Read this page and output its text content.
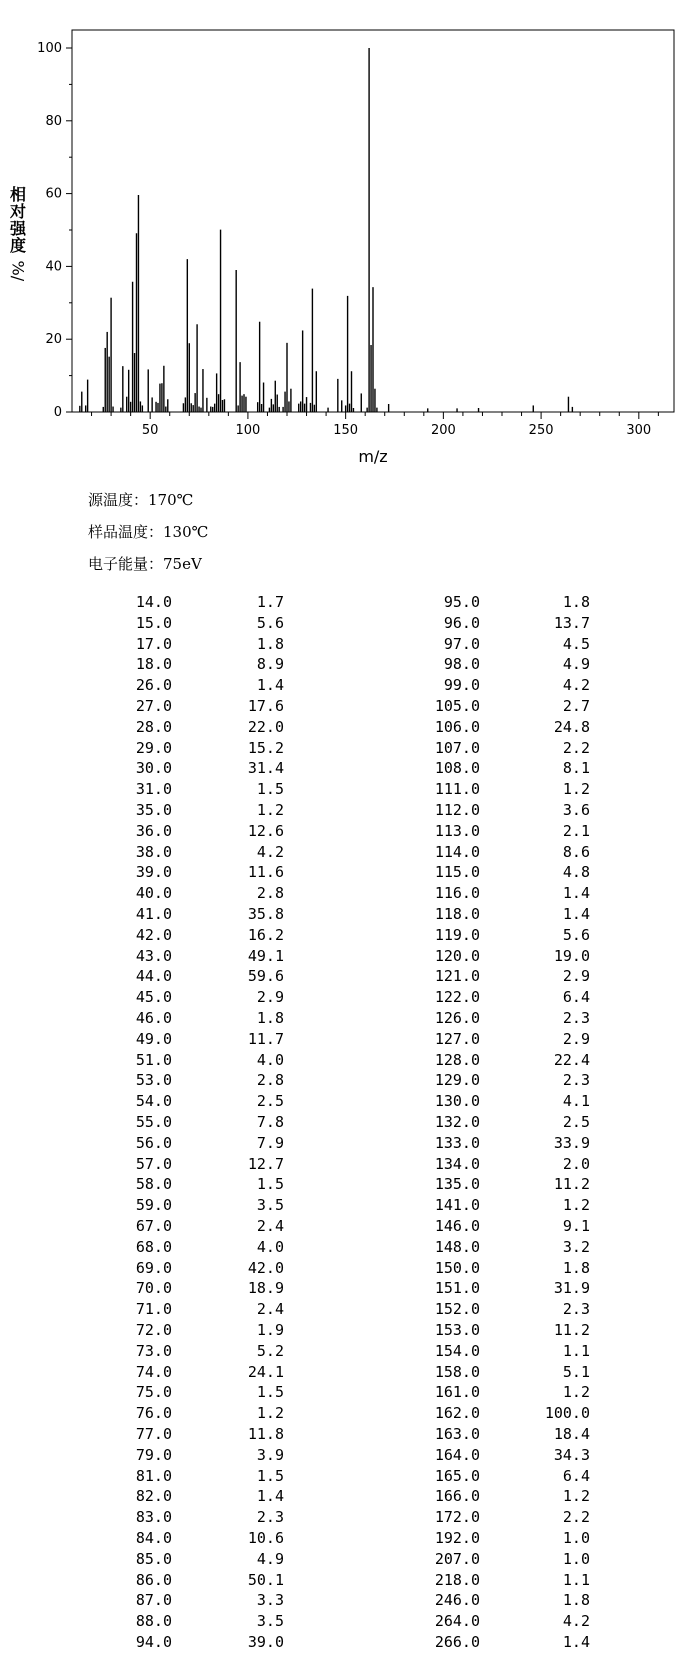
0
20
40
60
80
100
50	100	150	200	250	300
m/z
相对强度
%/
源温度：170℃
样品温度：130℃
电子能量：75eV
14.0	1.7	95.0	1.8
15.0	5.6	96.0	13.7
17.0	1.8	97.0	4.5
18.0	8.9	98.0	4.9
26.0	1.4	99.0	4.2
27.0	17.6	105.0	2.7
28.0	22.0	106.0	24.8
29.0	15.2	107.0	2.2
30.0	31.4	108.0	8.1
31.0	1.5	111.0	1.2
35.0	1.2	112.0	3.6
36.0	12.6	113.0	2.1
38.0	4.2	114.0	8.6
39.0	11.6	115.0	4.8
40.0	2.8	116.0	1.4
41.0	35.8	118.0	1.4
42.0	16.2	119.0	5.6
43.0	49.1	120.0	19.0
44.0	59.6	121.0	2.9
45.0	2.9	122.0	6.4
46.0	1.8	126.0	2.3
49.0	11.7	127.0	2.9
51.0	4.0	128.0	22.4
53.0	2.8	129.0	2.3
54.0	2.5	130.0	4.1
55.0	7.8	132.0	2.5
56.0	7.9	133.0	33.9
57.0	12.7	134.0	2.0
58.0	1.5	135.0	11.2
59.0	3.5	141.0	1.2
67.0	2.4	146.0	9.1
68.0	4.0	148.0	3.2
69.0	42.0	150.0	1.8
70.0	18.9	151.0	31.9
71.0	2.4	152.0	2.3
72.0	1.9	153.0	11.2
73.0	5.2	154.0	1.1
74.0	24.1	158.0	5.1
75.0	1.5	161.0	1.2
76.0	1.2	162.0	100.0
77.0	11.8	163.0	18.4
79.0	3.9	164.0	34.3
81.0	1.5	165.0	6.4
82.0	1.4	166.0	1.2
83.0	2.3	172.0	2.2
84.0	10.6	192.0	1.0
85.0	4.9	207.0	1.0
86.0	50.1	218.0	1.1
87.0	3.3	246.0	1.8
88.0	3.5	264.0	4.2
94.0	39.0	266.0	1.4
